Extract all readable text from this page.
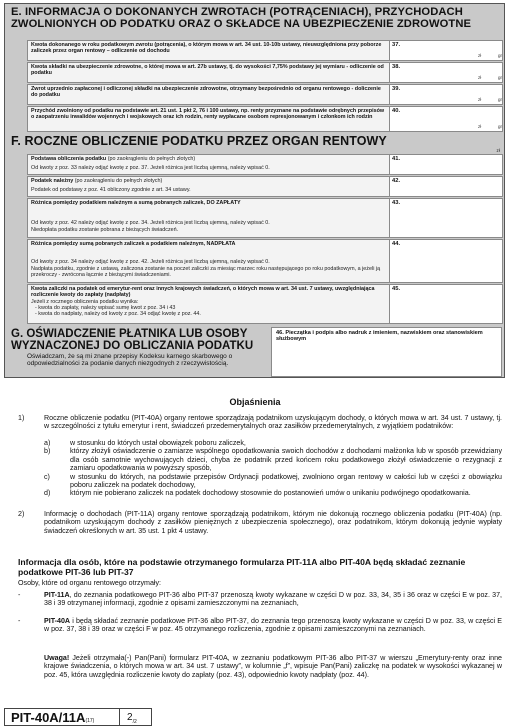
E. INFORMACJA O DOKONANYCH ZWROTACH (POTRĄCENIACH), PRZYCHODACH ZWOLNIONYCH OD PODATKU ORAZ O SKŁADCE NA UBEZPIECZENIE ZDROWOTNE
Kwota dokonanego w roku podatkowym zwrotu (potrącenia), o którym mowa w art. 34 ust. 10-10b ustawy, nieuwzględniona przy poborze zaliczek przez organ rentowy – odliczenie od dochodu
37.
zł	gr
Kwota składki na ubezpieczenie zdrowotne, o której mowa w art. 27b ustawy, tj. do wysokości 7,75% podstawy jej wymiaru - odliczenie od podatku
38.
zł	gr
Zwrot uprzednio zapłaconej i odliczonej składki na ubezpieczenie zdrowotne, otrzymany bezpośrednio od organu rentowego - doliczenie do podatku
39.
zł	gr
Przychód zwolniony od podatku na podstawie art. 21 ust. 1 pkt 2, 76 i 100 ustawy, np. renty przyznane na podstawie odrębnych przepisów o zaopatrzeniu inwalidów wojennych i wojskowych oraz ich rodzin, renty wypłacane osobom represjonowanym i członkom ich rodzin
40.
zł	gr
F. ROCZNE OBLICZENIE PODATKU PRZEZ ORGAN RENTOWY
zł
Podstawa obliczenia podatku (po zaokrągleniu do pełnych złotych)
Od kwoty z poz. 33 należy odjąć kwotę z poz. 37. Jeżeli różnica jest liczbą ujemną, należy wpisać 0.
41.
Podatek należny (po zaokrągleniu do pełnych złotych)
Podatek od podstawy z poz. 41 obliczony zgodnie z art. 34 ustawy.
42.
Różnica pomiędzy podatkiem należnym a sumą pobranych zaliczek, DO ZAPŁATY
Od kwoty z poz. 42 należy odjąć kwotę z poz. 34. Jeżeli różnica jest liczbą ujemną, należy wpisać 0.
Niedopłata podatku zostanie pobrana z bieżących świadczeń.
43.
Różnica pomiędzy sumą pobranych zaliczek a podatkiem należnym, NADPŁATA
Od kwoty z poz. 34 należy odjąć kwotę z poz. 42. Jeżeli różnica jest liczbą ujemną, należy wpisać 0.
Nadpłata podatku, zgodnie z ustawą, zaliczona zostanie na poczet zaliczki za miesiąc marzec roku następującego po roku podatkowym, a jeżeli ją przekroczy - zwrócona łącznie z bieżącymi świadczeniami.
44.
Kwota zaliczki na podatek od emerytur-rent oraz innych krajowych świadczeń, o których mowa w art. 34 ust. 7 ustawy, uwzględniająca rozliczenie kwoty do zapłaty (nadpłaty)
Jeżeli z rocznego obliczenia podatku wynika:
- kwota do zapłaty, należy wpisać sumę kwot z poz. 34 i 43
- kwota do nadpłaty, należy od kwoty z poz. 34 odjąć kwotę z poz. 44.
45.
G. OŚWIADCZENIE PŁATNIKA LUB OSOBY WYZNACZONEJ DO OBLICZANIA PODATKU
Oświadczam, że są mi znane przepisy Kodeksu karnego skarbowego o odpowiedzialności za podanie danych niezgodnych z rzeczywistością.
46. Pieczątka i podpis albo nadruk z imieniem, nazwiskiem oraz stanowiskiem służbowym
Objaśnienia
1)	Roczne obliczenie podatku (PIT-40A) organy rentowe sporządzają podatnikom uzyskującym dochody, o których mowa w art. 34 ust. 7 ustawy, tj. w szczególności z tytułu emerytur i rent, świadczeń przedemerytalnych oraz zasiłków przedemerytalnych, z wyjątkiem podatników:
a)	w stosunku do których ustał obowiązek poboru zaliczek,
b)	którzy złożyli oświadczenie o zamiarze wspólnego opodatkowania swoich dochodów z dochodami małżonka lub w sposób przewidziany dla osób samotnie wychowujących dzieci, chyba że podatnik przed końcem roku podatkowego złożył oświadczenie o rezygnacji z zamiaru opodatkowania w powyższy sposób,
c)	w stosunku do których, na podstawie przepisów Ordynacji podatkowej, zwolniono organ rentowy w całości lub w części z obowiązku poboru zaliczek na podatek dochodowy,
d)	którym nie pobierano zaliczek na podatek dochodowy stosownie do postanowień umów o unikaniu podwójnego opodatkowania.
2)	Informację o dochodach (PIT-11A) organy rentowe sporządzają podatnikom, którym nie dokonują rocznego obliczenia podatku (PIT-40A) (np. podatnikom uzyskującym dochody z zasiłków pieniężnych z ubezpieczenia społecznego), oraz podatnikom, którym dokonują jedynie wypłaty świadczeń określonych w art. 35 ust. 1 pkt 4 ustawy.
Informacja dla osób, które na podstawie otrzymanego formularza PIT-11A albo PIT-40A będą składać zeznanie podatkowe PIT-36 lub PIT-37
Osoby, które od organu rentowego otrzymały:
-	PIT-11A, do zeznania podatkowego PIT-36 albo PIT-37 przenoszą kwoty wykazane w części D w poz. 33, 34, 35 i 36 oraz w części E w poz. 37, 38 i 39 otrzymanej informacji, zgodnie z opisami zamieszczonymi na zeznaniach,
-	PIT-40A i będą składać zeznanie podatkowe PIT-36 albo PIT-37, do zeznania tego przenoszą kwoty wykazane w części D w poz. 33, w części E w poz. 37, 38 i 39 oraz w części F w poz. 45 otrzymanego rozliczenia, zgodnie z opisami zamieszczonymi na zeznaniach.
Uwaga! Jeżeli otrzymała(-) Pan(Pani) formularz PIT-40A, w zeznaniu podatkowym PIT-36 albo PIT-37 w wierszu „Emerytury-renty oraz inne krajowe świadczenia, o których mowa w art. 34 ust. 7 ustawy”, w kolumnie „f”, wpisuje Pan(Pani) zaliczkę na podatek w wysokości wykazanej w poz. 45, która uwzględnia rozliczenie kwoty do zapłaty (poz. 43), odpowiednio kwoty nadpłaty (poz. 44).
PIT-40A/11A(17)	$2_{/2}$
